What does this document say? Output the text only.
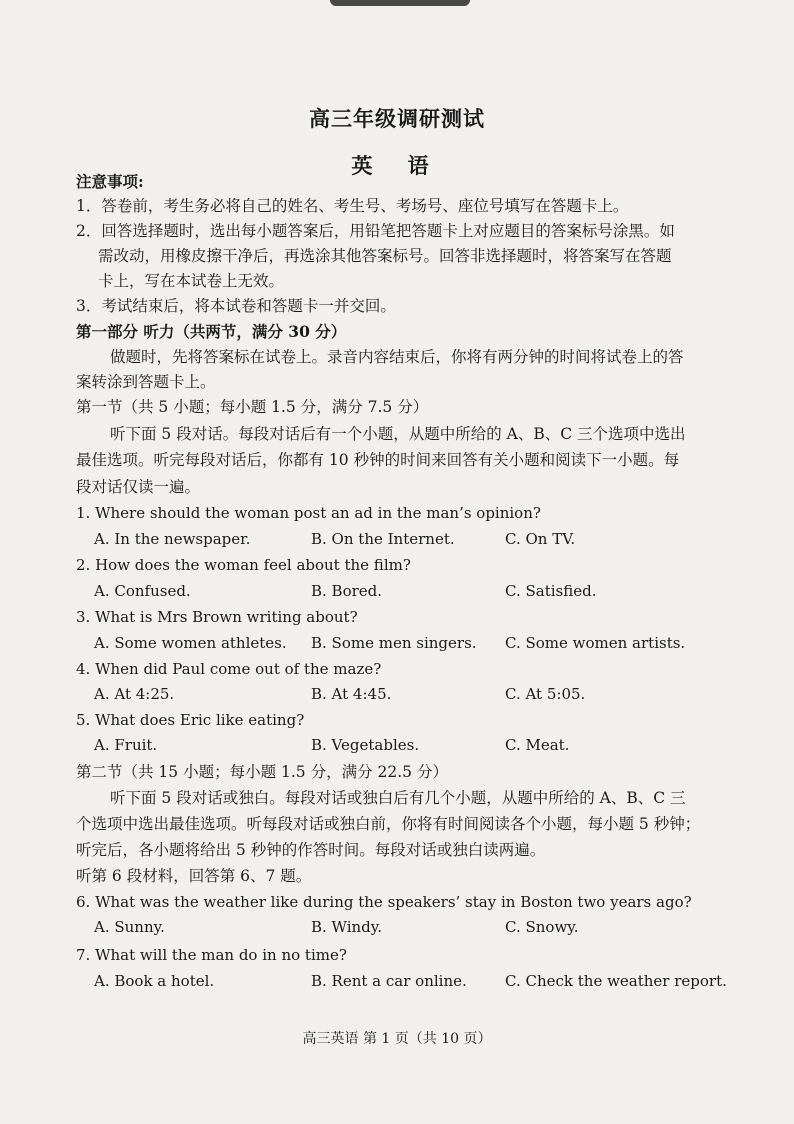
高三年级调研测试
英 语
注意事项:
1．答卷前，考生务必将自己的姓名、考生号、考场号、座位号填写在答题卡上。
2．回答选择题时，选出每小题答案后，用铅笔把答题卡上对应题目的答案标号涂黑。如
需改动，用橡皮擦干净后，再选涂其他答案标号。回答非选择题时，将答案写在答题
卡上，写在本试卷上无效。
3．考试结束后，将本试卷和答题卡一并交回。
第一部分 听力（共两节，满分 30 分）
做题时，先将答案标在试卷上。录音内容结束后，你将有两分钟的时间将试卷上的答
案转涂到答题卡上。
第一节（共 5 小题；每小题 1.5 分，满分 7.5 分）
听下面 5 段对话。每段对话后有一个小题，从题中所给的 A、B、C 三个选项中选出
最佳选项。听完每段对话后，你都有 10 秒钟的时间来回答有关小题和阅读下一小题。每
段对话仅读一遍。
1. Where should the woman post an ad in the man’s opinion?
A. In the newspaper.	B. On the Internet.	C. On TV.
2. How does the woman feel about the film?
A. Confused.	B. Bored.	C. Satisfied.
3. What is Mrs Brown writing about?
A. Some women athletes. B. Some men singers. C. Some women artists.
4. When did Paul come out of the maze?
A. At 4:25.	B. At 4:45.	C. At 5:05.
5. What does Eric like eating?
A. Fruit.	B. Vegetables.	C. Meat.
第二节（共 15 小题；每小题 1.5 分，满分 22.5 分）
听下面 5 段对话或独白。每段对话或独白后有几个小题，从题中所给的 A、B、C 三
个选项中选出最佳选项。听每段对话或独白前，你将有时间阅读各个小题，每小题 5 秒钟；
听完后，各小题将给出 5 秒钟的作答时间。每段对话或独白读两遍。
听第 6 段材料，回答第 6、7 题。
6. What was the weather like during the speakers’ stay in Boston two years ago?
A. Sunny.	B. Windy.	C. Snowy.
7. What will the man do in no time?
A. Book a hotel.	B. Rent a car online.	C. Check the weather report.
高三英语 第 1 页（共 10 页）
